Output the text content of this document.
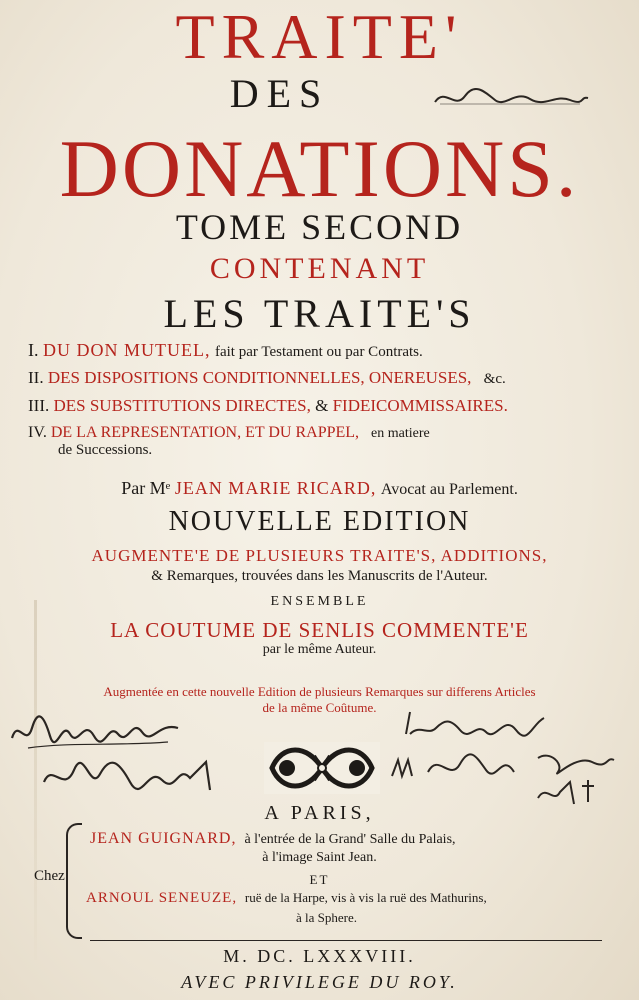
TRAITE'
DES
DONATIONS.
TOME SECOND
CONTENANT
LES TRAITE'S
I. DU DON MUTUEL, fait par Testament ou par Contrats.
II. DES DISPOSITIONS CONDITIONNELLES, ONEREUSES, &c.
III. DES SUBSTITUTIONS DIRECTES, & FIDEICOMMISSAIRES.
IV. DE LA REPRESENTATION, ET DU RAPPEL, en matiere
de Successions.
Par Mᵉ JEAN MARIE RICARD, Avocat au Parlement.
NOUVELLE EDITION
AUGMENTE'E DE PLUSIEURS TRAITE'S, ADDITIONS,
& Remarques, trouvées dans les Manuscrits de l'Auteur.
ENSEMBLE
LA COUTUME DE SENLIS COMMENTE'E
par le même Auteur.
Augmentée en cette nouvelle Edition de plusieurs Remarques sur differens Articles
de la même Coûtume.
A PARIS,
Chez
JEAN GUIGNARD, à l'entrée de la Grand' Salle du Palais,
à l'image Saint Jean.
ET
ARNOUL SENEUZE, ruë de la Harpe, vis à vis la ruë des Mathurins,
à la Sphere.
M. DC. LXXXVIII.
AVEC PRIVILEGE DU ROY.
